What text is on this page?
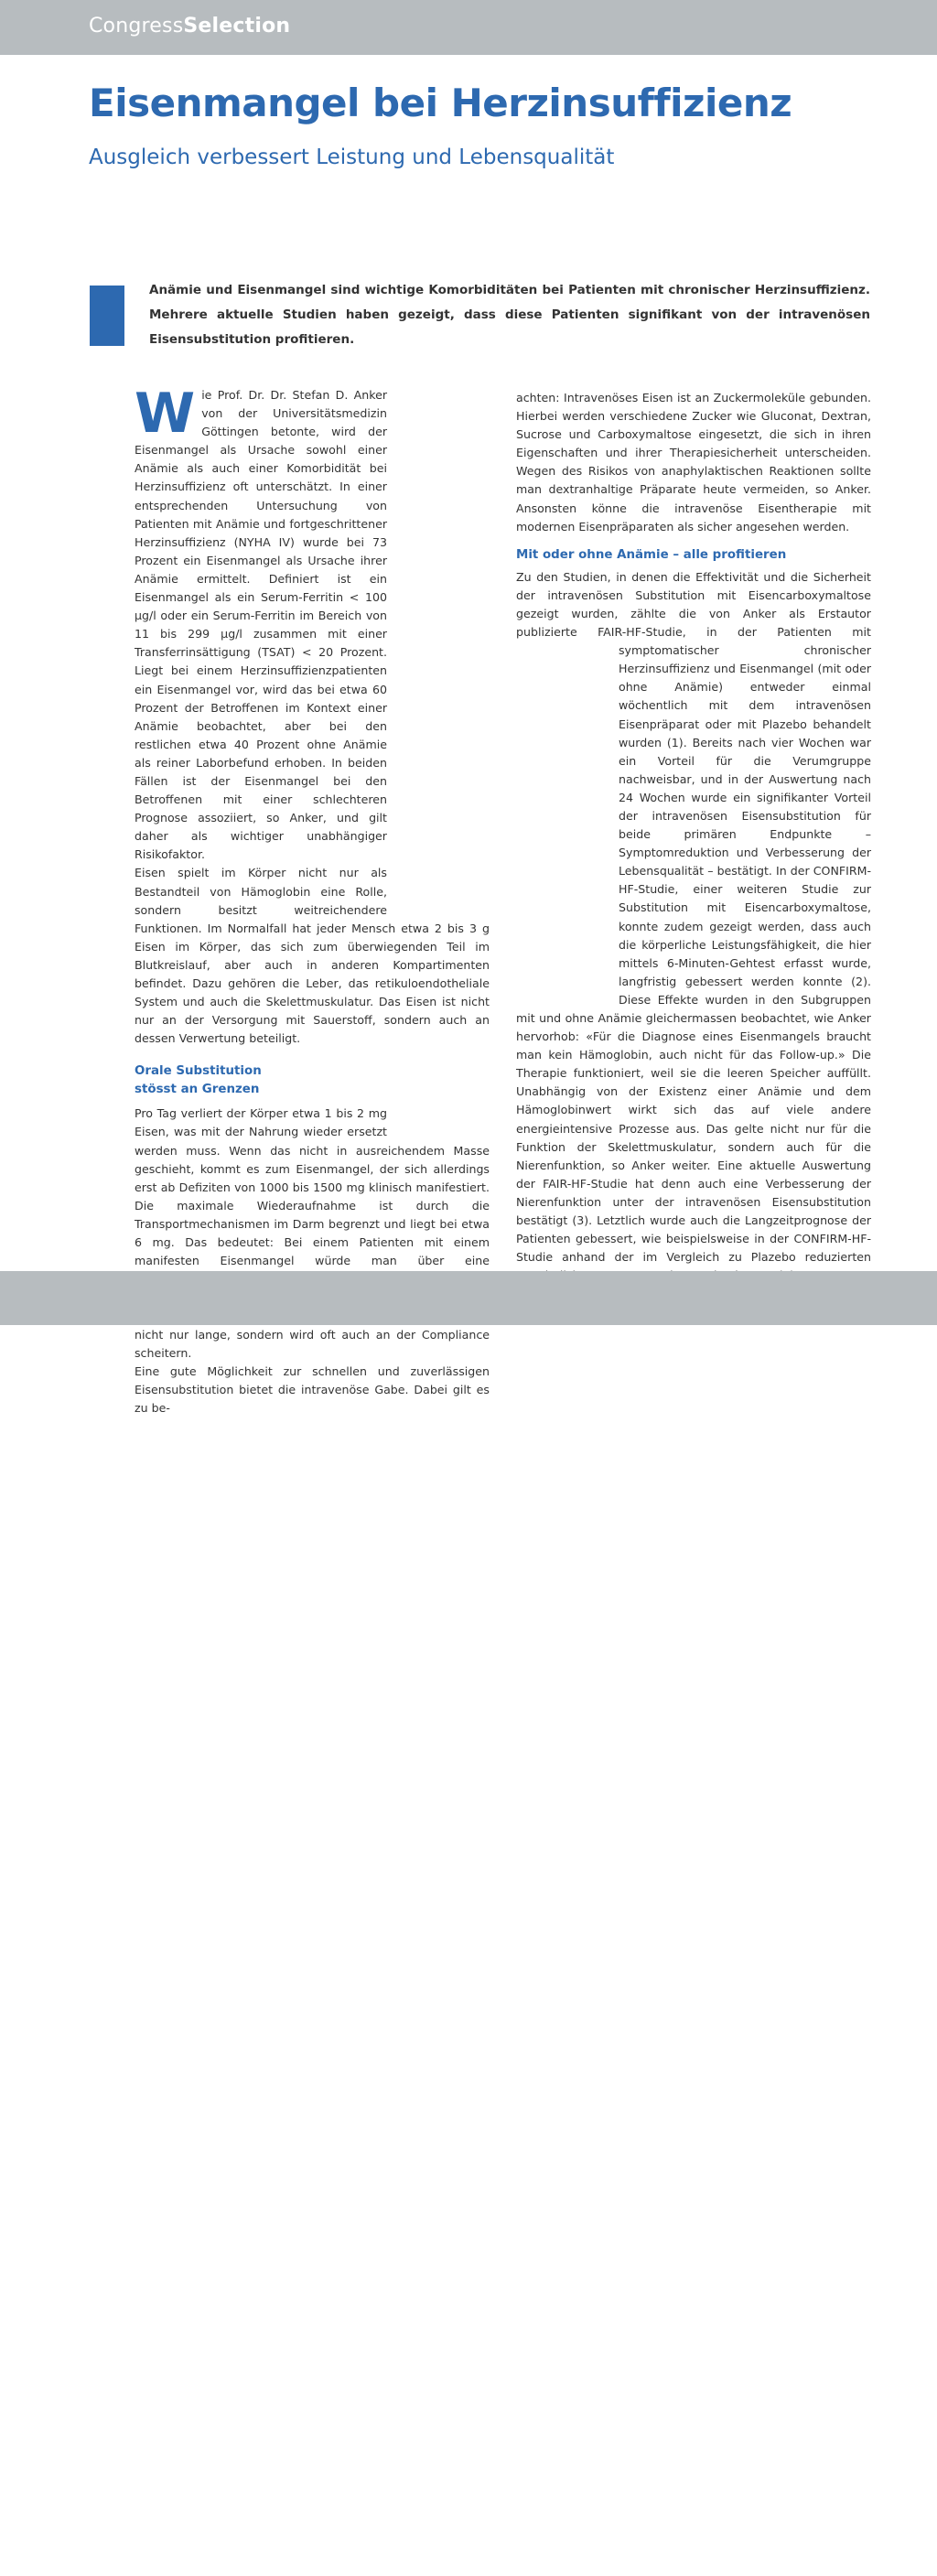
CongressSelection
Eisenmangel bei Herzinsuffizienz
Ausgleich verbessert Leistung und Lebensqualität

Anämie und Eisenmangel sind wichtige Komorbiditäten bei Patienten mit chronischer Herzinsuffizienz. Mehrere aktuelle Studien haben gezeigt, dass diese Patienten signifikant von der intravenösen Eisensubstitution profitieren.

W ie Prof. Dr. Dr. Stefan D. Anker von der Universitätsmedizin Göttingen betonte, wird der Eisenmangel als Ursache sowohl einer Anämie als auch einer Komorbidität bei Herzinsuffizienz oft unterschätzt. In einer entsprechenden Untersuchung von Patienten mit Anämie und fortgeschrittener Herzinsuffizienz (NYHA IV) wurde bei 73 Prozent ein Eisenmangel als Ursache ihrer Anämie ermittelt. Definiert ist ein Eisenmangel als ein Serum-Ferritin < 100 µg/l oder ein Serum-Ferritin im Bereich von 11 bis 299 µg/l zusammen mit einer Transferrinsättigung (TSAT) < 20 Prozent. Liegt bei einem Herzinsuffizienzpatienten ein Eisenmangel vor, wird das bei etwa 60 Prozent der Betroffenen im Kontext einer Anämie beobachtet, aber bei den restlichen etwa 40 Prozent ohne Anämie als reiner Laborbefund erhoben. In beiden Fällen ist der Eisenmangel bei den Betroffenen mit einer schlechteren Prognose assoziiert, so Anker, und gilt daher als wichtiger unabhängiger Risikofaktor.

Eisen spielt im Körper nicht nur als Bestandteil von Hämoglobin eine Rolle, sondern besitzt weitreichendere Funktionen. Im Normalfall hat jeder Mensch etwa 2 bis 3 g Eisen im Körper, das sich zum überwiegenden Teil im Blutkreislauf, aber auch in anderen Kompartimenten befindet. Dazu gehören die Leber, das retikuloendotheliale System und auch die Skelettmuskulatur. Das Eisen ist nicht nur an der Versorgung mit Sauerstoff, sondern auch an dessen Verwertung beteiligt.

Orale Substitution
stösst an Grenzen

Pro Tag verliert der Körper etwa 1 bis 2 mg Eisen, was mit der Nahrung wieder ersetzt werden muss. Wenn das nicht in ausreichendem Masse geschieht, kommt es zum Eisenmangel, der sich allerdings erst ab Defiziten von 1000 bis 1500 mg klinisch manifestiert. Die maximale Wiederaufnahme ist durch die Transportmechanismen im Darm begrenzt und liegt bei etwa 6 mg. Das bedeutet: Bei einem Patienten mit einem manifesten Eisenmangel würde man über eine nicht nur lange, sondern wird oft auch an der Compliance scheitern.

Eine gute Möglichkeit zur schnellen und zuverlässigen Eisensubstitution bietet die intravenöse Gabe. Dabei gilt es zu be-

achten: Intravenöses Eisen ist an Zuckermoleküle gebunden. Hierbei werden verschiedene Zucker wie Gluconat, Dextran, Sucrose und Carboxymaltose eingesetzt, die sich in ihren Eigenschaften und ihrer Therapiesicherheit unterscheiden. Wegen des Risikos von anaphylaktischen Reaktionen sollte man dextranhaltige Präparate heute vermeiden, so Anker. Ansonsten könne die intravenöse Eisentherapie mit modernen Eisenpräparaten als sicher angesehen werden.

Mit oder ohne Anämie – alle profitieren

Zu den Studien, in denen die Effektivität und die Sicherheit der intravenösen Substitution mit Eisencarboxymaltose gezeigt wurden, zählte die von Anker als Erstautor publizierte FAIR-HF-Studie, in der Patienten mit symptomatischer chronischer Herzinsuffizienz und Eisenmangel (mit oder ohne Anämie) entweder einmal wöchentlich mit dem intravenösen Eisenpräparat oder mit Plazebo behandelt wurden (1). Bereits nach vier Wochen war ein Vorteil für die Verumgruppe nachweisbar, und in der Auswertung nach 24 Wochen wurde ein signifikanter Vorteil der intravenösen Eisensubstitution für beide primären Endpunkte – Symptomreduktion und Verbesserung der Lebensqualität – bestätigt. In der CONFIRM-HF-Studie, einer weiteren Studie zur Substitution mit Eisencarboxymaltose, konnte zudem gezeigt werden, dass auch die körperliche Leistungsfähigkeit, die hier mittels 6-Minuten-Gehtest erfasst wurde, langfristig gebessert werden konnte (2). Diese Effekte wurden in den Subgruppen mit und ohne Anämie gleichermassen beobachtet, wie Anker hervorhob: «Für die Diagnose eines Eisenmangels braucht man kein Hämoglobin, auch nicht für das Follow-up.» Die Therapie funktioniert, weil sie die leeren Speicher auffüllt. Unabhängig von der Existenz einer Anämie und dem Hämoglobinwert wirkt sich das auf viele andere energieintensive Prozesse aus. Das gelte nicht nur für die Funktion der Skelettmuskulatur, sondern auch für die Nierenfunktion, so Anker weiter. Eine aktuelle Auswertung der FAIR-HF-Studie hat denn auch eine Verbesserung der Nierenfunktion unter der intravenösen Eisensubstitution bestätigt (3). Letztlich wurde auch die Langzeitprognose der Patienten gebessert, wie beispielsweise in der CONFIRM-HF-Studie anhand der im Vergleich zu Plazebo reduzierten

16 Kardiologie • Mai 2015
